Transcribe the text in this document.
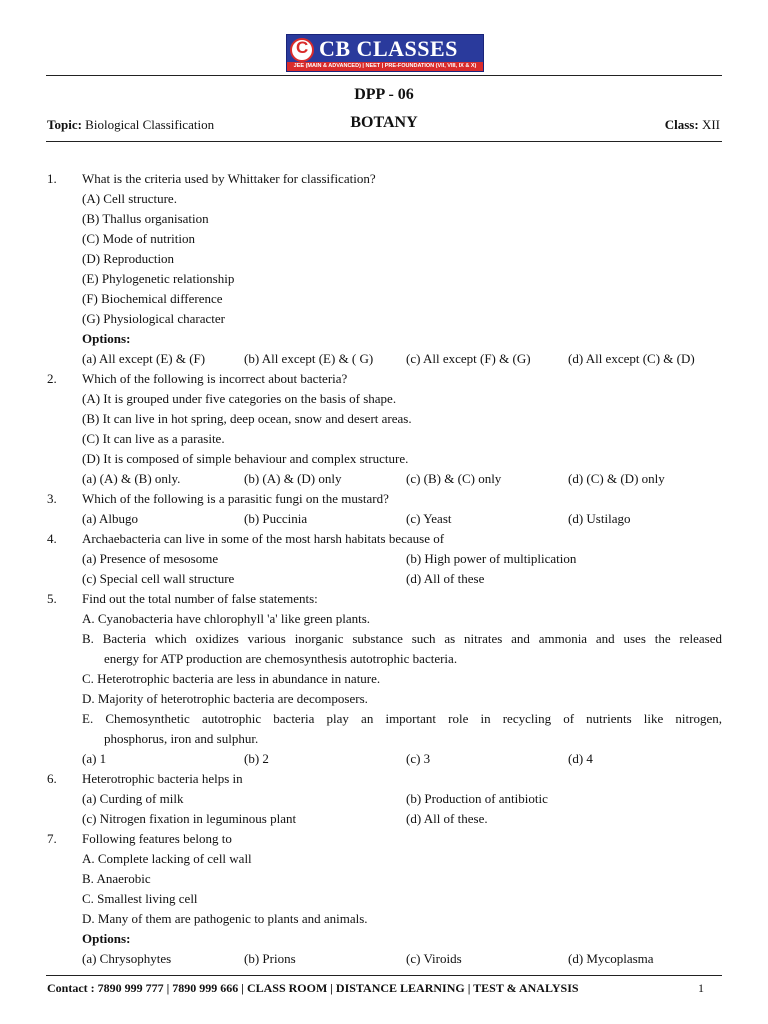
C
CB CLASSES
JEE (MAIN & ADVANCED) | NEET | PRE-FOUNDATION (VII, VIII, IX & X)
DPP - 06
Topic: Biological Classification	BOTANY	Class: XII
1. What is the criteria used by Whittaker for classification?
(A) Cell structure.
(B) Thallus organisation
(C) Mode of nutrition
(D) Reproduction
(E) Phylogenetic relationship
(F) Biochemical difference
(G) Physiological character
Options:
(a) All except (E) & (F)	(b) All except (E) & ( G)	(c) All except (F) & (G)	(d) All except (C) & (D)
2. Which of the following is incorrect about bacteria?
(A) It is grouped under five categories on the basis of shape.
(B) It can live in hot spring, deep ocean, snow and desert areas.
(C) It can live as a parasite.
(D) It is composed of simple behaviour and complex structure.
(a) (A) & (B) only.	(b) (A) & (D) only	(c) (B) & (C) only	(d) (C) & (D) only
3. Which of the following is a parasitic fungi on the mustard?
(a) Albugo	(b) Puccinia	(c) Yeast	(d) Ustilago
4. Archaebacteria can live in some of the most harsh habitats because of
(a) Presence of mesosome	(b) High power of multiplication
(c) Special cell wall structure	(d) All of these
5. Find out the total number of false statements:
A. Cyanobacteria have chlorophyll 'a' like green plants.
B. Bacteria which oxidizes various inorganic substance such as nitrates and ammonia and uses the released
energy for ATP production are chemosynthesis autotrophic bacteria.
C. Heterotrophic bacteria are less in abundance in nature.
D. Majority of heterotrophic bacteria are decomposers.
E. Chemosynthetic autotrophic bacteria play an important role in recycling of nutrients like nitrogen,
phosphorus, iron and sulphur.
(a) 1	(b) 2	(c) 3	(d) 4
6. Heterotrophic bacteria helps in
(a) Curding of milk	(b) Production of antibiotic
(c) Nitrogen fixation in leguminous plant	(d) All of these.
7. Following features belong to
A. Complete lacking of cell wall
B. Anaerobic
C. Smallest living cell
D. Many of them are pathogenic to plants and animals.
Options:
(a) Chrysophytes	(b) Prions	(c) Viroids	(d) Mycoplasma
Contact : 7890 999 777 | 7890 999 666 | CLASS ROOM | DISTANCE LEARNING | TEST & ANALYSIS	1
